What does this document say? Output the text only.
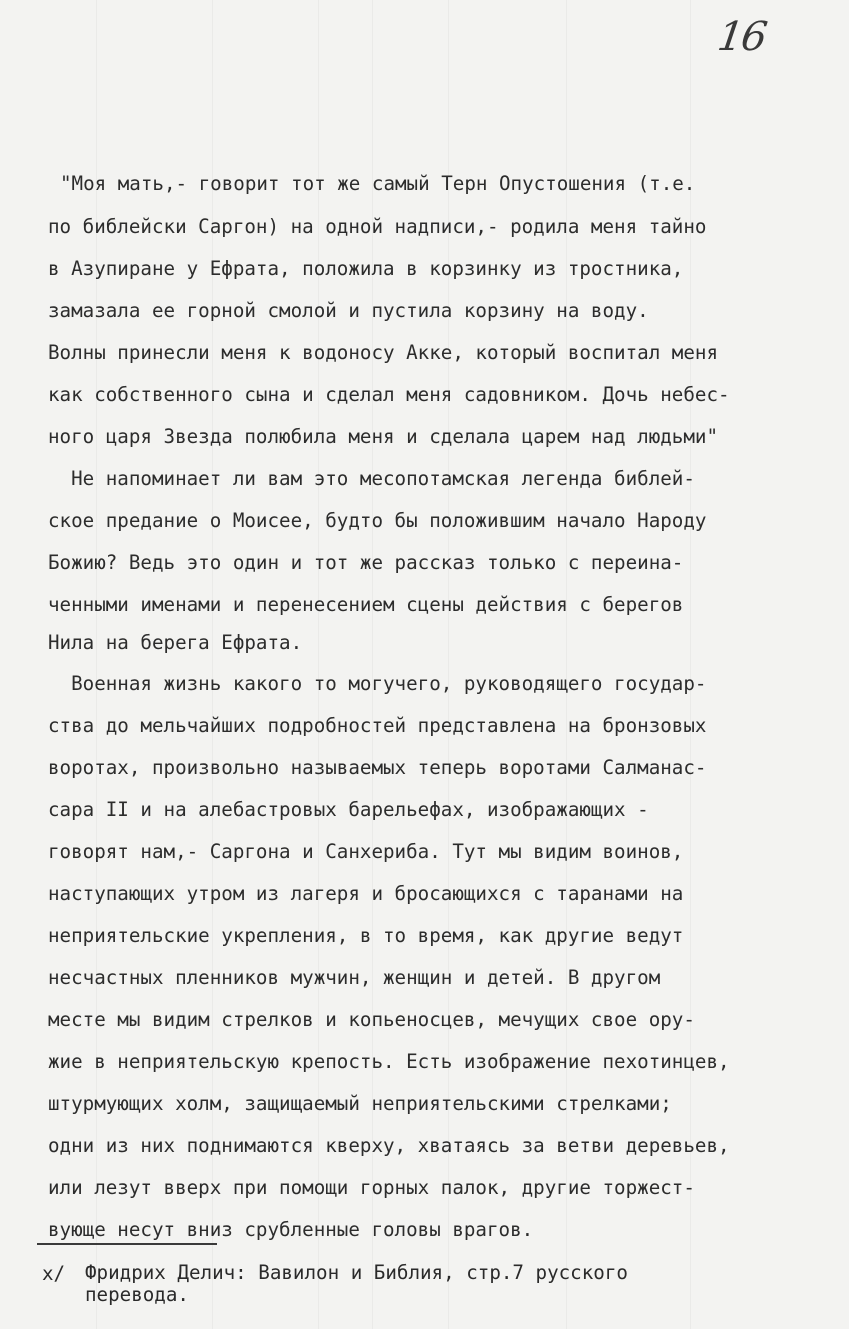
16
"Моя мать,- говорит тот же самый Терн Опустошения (т.е.
по библейски Саргон) на одной надписи,- родила меня тайно
в Азупиране у Ефрата, положила в корзинку из тростника,
замазала ее горной смолой и пустила корзину на воду.
Волны принесли меня к водоносу Акке, который воспитал меня
как собственного сына и сделал меня садовником. Дочь небес-
ного царя Звезда полюбила меня и сделала царем над людьми"
Не напоминает ли вам это месопотамская легенда библей-
ское предание о Моисее, будто бы положившим начало Народу
Божию? Ведь это один и тот же рассказ только с переина-
ченными именами и перенесением сцены действия с берегов
Нила на берега Ефрата.
Военная жизнь какого то могучего, руководящего государ-
ства до мельчайших подробностей представлена на бронзовых
воротах, произвольно называемых теперь воротами Салманас-
сара II и на алебастровых барельефах, изображающих -
говорят нам,- Саргона и Санхериба. Тут мы видим воинов,
наступающих утром из лагеря и бросающихся с таранами на
неприятельские укрепления, в то время, как другие ведут
несчастных пленников мужчин, женщин и детей. В другом
месте мы видим стрелков и копьеносцев, мечущих свое ору-
жие в неприятельскую крепость. Есть изображение пехотинцев,
штурмующих холм, защищаемый неприятельскими стрелками;
одни из них поднимаются кверху, хватаясь за ветви деревьев,
или лезут вверх при помощи горных палок, другие торжест-
вующе несут вниз срубленные головы врагов.
x/ Фридрих Делич: Вавилон и Библия, стр.7 русского
перевода.
